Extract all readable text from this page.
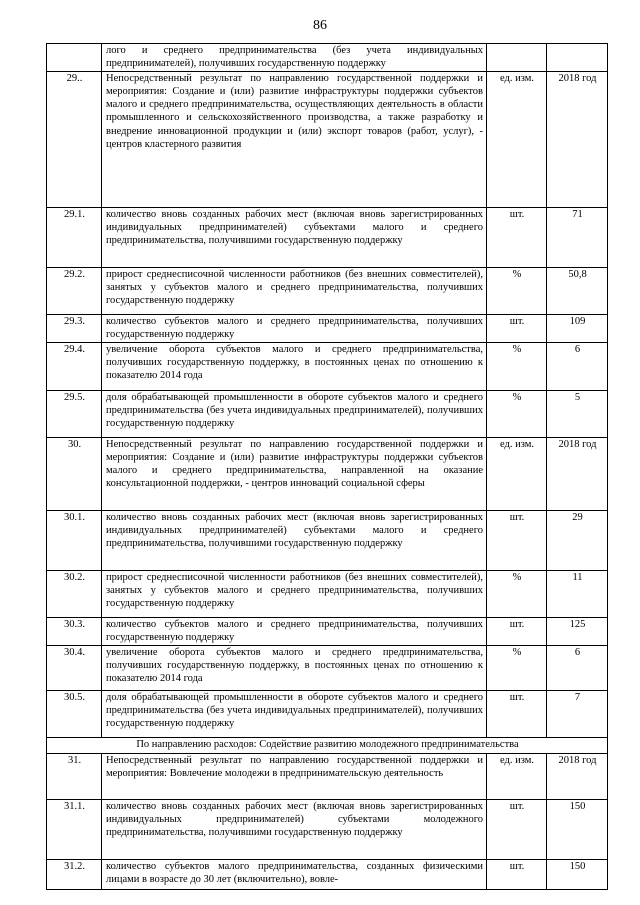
86
	лого и среднего предпринимательства (без учета индивидуальных предпринимателей), получивших государственную поддержку		
29..	Непосредственный результат по направлению государственной поддержки и мероприятия: Создание и (или) развитие инфраструктуры поддержки субъектов малого и среднего предпринимательства, осуществляющих деятельность в области промышленного и сельскохозяйственного производства, а также разработку и внедрение инновационной продукции и (или) экспорт товаров (работ, услуг), - центров кластерного развития	ед. изм.	2018 год
29.1.	количество вновь созданных рабочих мест (включая вновь зарегистрированных индивидуальных предпринимателей) субъектами малого и среднего предпринимательства, получившими государственную поддержку	шт.	71
29.2.	прирост среднесписочной численности работников (без внешних совместителей), занятых у субъектов малого и среднего предпринимательства, получивших государственную поддержку	%	50,8
29.3.	количество субъектов малого и среднего предпринимательства, получивших государственную поддержку	шт.	109
29.4.	увеличение оборота субъектов малого и среднего предпринимательства, получивших государственную поддержку, в постоянных ценах по отношению к показателю 2014 года	%	6
29.5.	доля обрабатывающей промышленности в обороте субъектов малого и среднего предпринимательства (без учета индивидуальных предпринимателей), получивших государственную поддержку	%	5
30.	Непосредственный результат по направлению государственной поддержки и мероприятия: Создание и (или) развитие инфраструктуры поддержки субъектов малого и среднего предпринимательства, направленной на оказание консультационной поддержки, - центров инноваций социальной сферы	ед. изм.	2018 год
30.1.	количество вновь созданных рабочих мест (включая вновь зарегистрированных индивидуальных предпринимателей) субъектами малого и среднего предпринимательства, получившими государственную поддержку	шт.	29
30.2.	прирост среднесписочной численности работников (без внешних совместителей), занятых у субъектов малого и среднего предпринимательства, получивших государственную поддержку	%	11
30.3.	количество субъектов малого и среднего предпринимательства, получивших государственную поддержку	шт.	125
30.4.	увеличение оборота субъектов малого и среднего предпринимательства, получивших государственную поддержку, в постоянных ценах по отношению к показателю 2014 года	%	6
30.5.	доля обрабатывающей промышленности в обороте субъектов малого и среднего предпринимательства (без учета индивидуальных предпринимателей), получивших государственную поддержку	шт.	7
По направлению расходов: Содействие развитию молодежного предпринимательства			
31.	Непосредственный результат по направлению государственной поддержки и мероприятия: Вовлечение молодежи в предпринимательскую деятельность	ед. изм.	2018 год
31.1.	количество вновь созданных рабочих мест (включая вновь зарегистрированных индивидуальных предпринимателей) субъектами молодежного предпринимательства, получившими государственную поддержку	шт.	150
31.2.	количество субъектов малого предпринимательства, созданных физическими лицами в возрасте до 30 лет (включительно), вовле-	шт.	150
